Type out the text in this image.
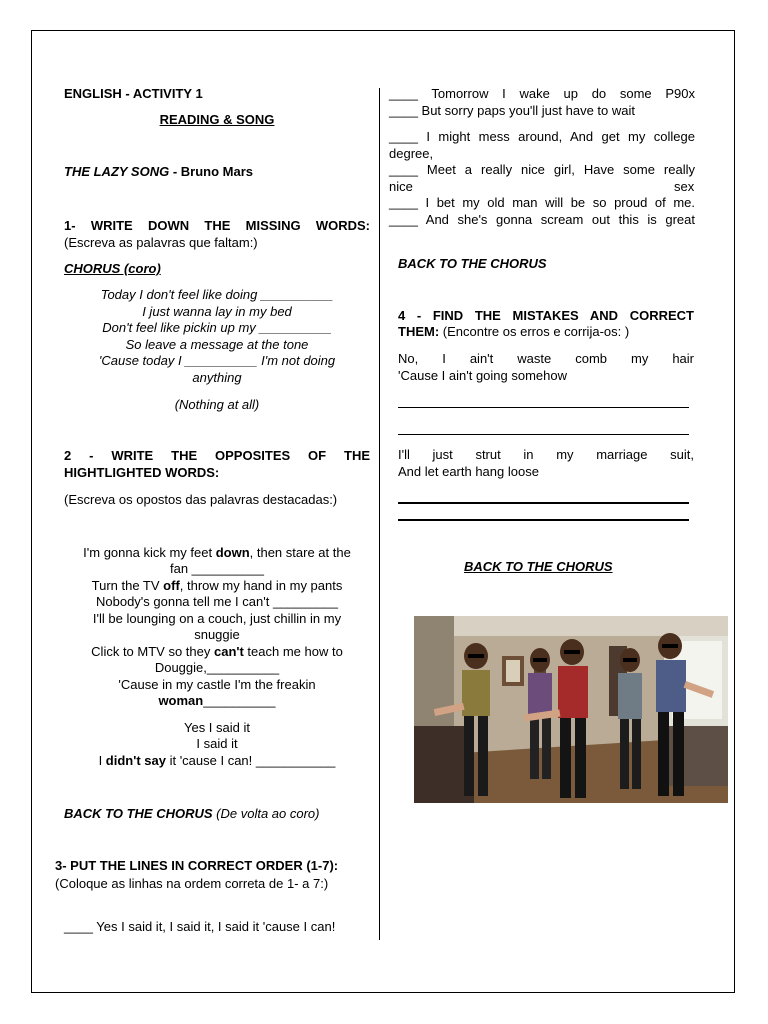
ENGLISH - ACTIVITY 1
READING & SONG
THE LAZY SONG - Bruno Mars
1- WRITE DOWN THE MISSING WORDS:
(Escreva as palavras que faltam:)
CHORUS (coro)
Today I don't feel like doing __________
I just wanna lay in my bed
Don't feel like pickin up my __________
So leave a message at the tone
'Cause today I __________ I'm not doing
anything
(Nothing at all)
2 - WRITE THE OPPOSITES OF THE
HIGHTLIGHTED WORDS:
(Escreva os opostos das palavras destacadas:)
I'm gonna kick my feet down, then stare at the
fan __________
Turn the TV off, throw my hand in my pants
Nobody's gonna tell me I can't _________
I'll be lounging on a couch, just chillin in my
snuggie
Click to MTV so they can't teach me how to
Douggie,__________
'Cause in my castle I'm the freakin
woman__________
Yes I said it
I said it
I didn't say it 'cause I can! ___________
BACK TO THE CHORUS (De volta ao coro)
3- PUT THE LINES IN CORRECT ORDER (1-7):
(Coloque as linhas na ordem correta de 1- a 7:)
____ Yes I said it, I said it, I said it 'cause I can!
____ Tomorrow I wake up do some P90x
____ But sorry paps you'll just have to wait
____ I might mess around, And get my college
degree,
____ Meet a really nice girl, Have some really
nice	sex
____ I bet my old man will be so proud of me.
____ And she's gonna scream out this is great
BACK TO THE CHORUS
4 - FIND THE MISTAKES AND CORRECT
THEM: (Encontre os erros e corrija-os: )
No, I ain't waste comb my hair
'Cause I ain't going somehow
I'll just strut in my marriage suit,
And let earth hang loose
BACK TO THE CHORUS
